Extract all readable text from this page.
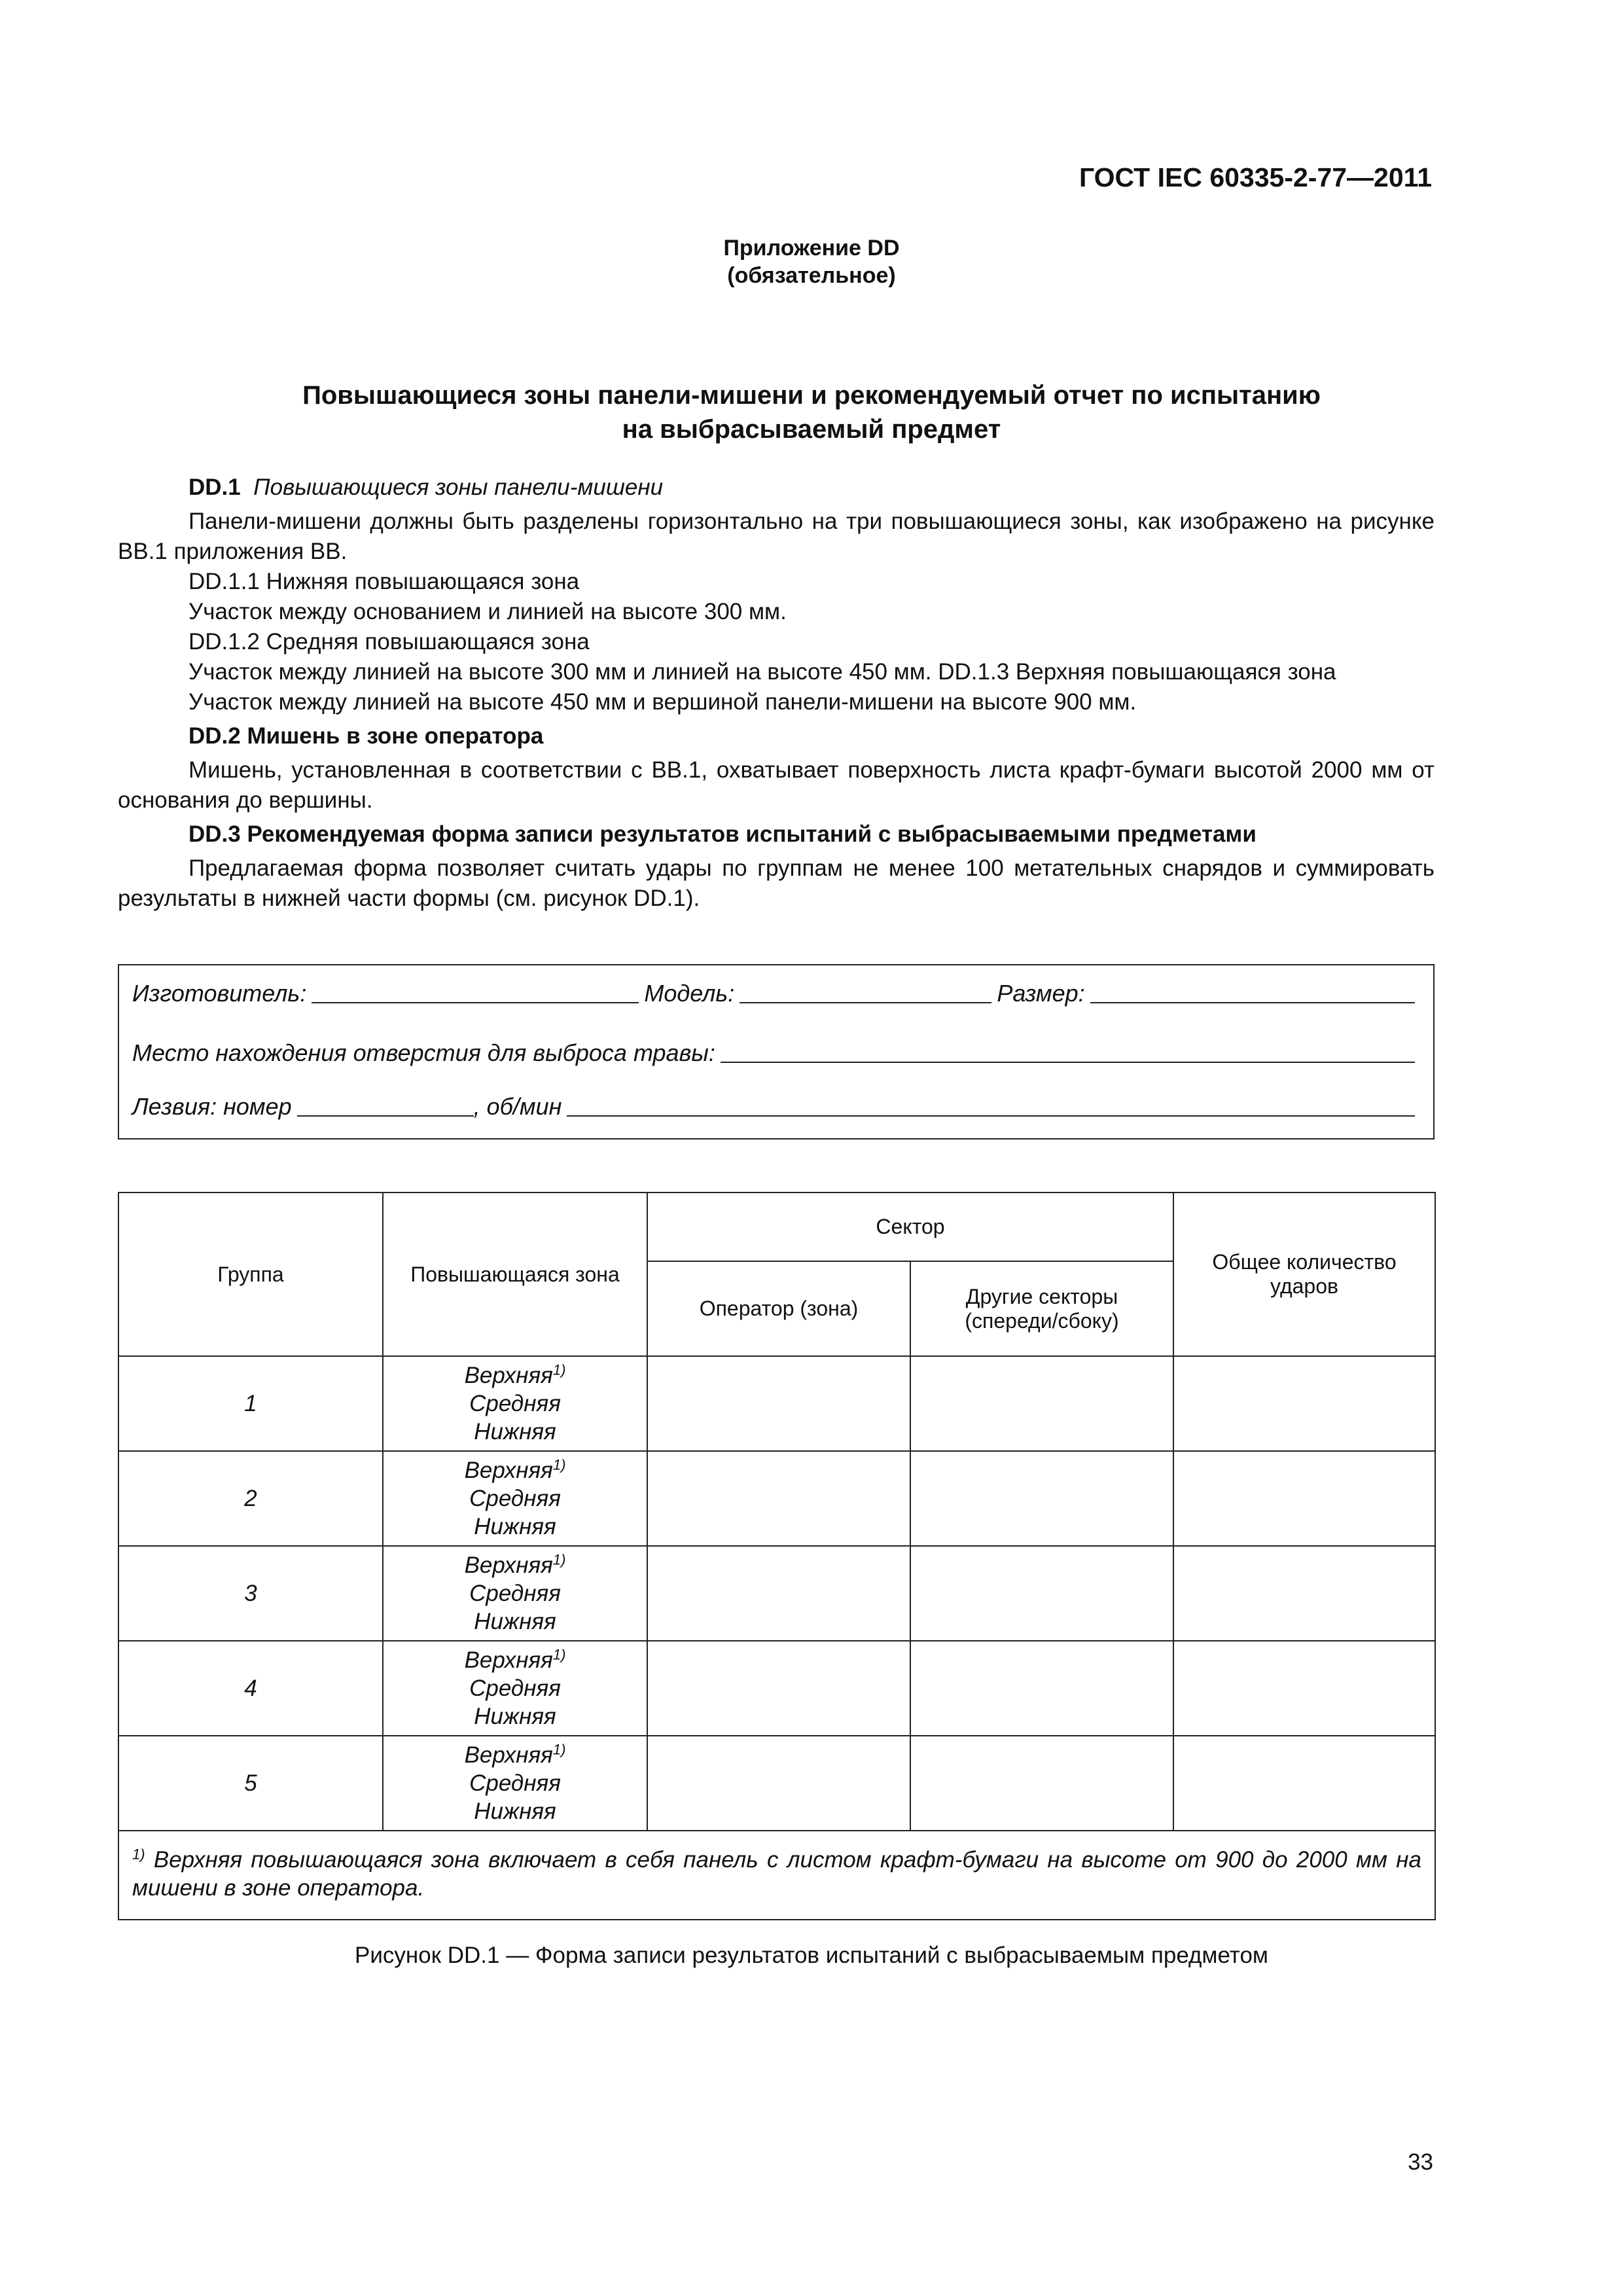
ГОСТ IEC 60335-2-77—2011
Приложение DD
(обязательное)
Повышающиеся зоны панели-мишени и рекомендуемый отчет по испытанию
на выбрасываемый предмет

DD.1 Повышающиеся зоны панели-мишени

Панели-мишени должны быть разделены горизонтально на три повышающиеся зоны, как изображено на рисунке BB.1 приложения BB.

DD.1.1 Нижняя повышающаяся зона

Участок между основанием и линией на высоте 300 мм.

DD.1.2 Средняя повышающаяся зона

Участок между линией на высоте 300 мм и линией на высоте 450 мм. DD.1.3 Верхняя повышающаяся зона

Участок между линией на высоте 450 мм и вершиной панели-мишени на высоте 900 мм.

DD.2 Мишень в зоне оператора

Мишень, установленная в соответствии с BB.1, охватывает поверхность листа крафт-бумаги высотой 2000 мм от основания до вершины.

DD.3 Рекомендуемая форма записи результатов испытаний с выбрасываемыми предметами

Предлагаемая форма позволяет считать удары по группам не менее 100 метательных снарядов и суммировать результаты в нижней части формы (см. рисунок DD.1).

Изготовитель:	Модель:	Размер:
Место нахождения отверстия для выброса травы:
Лезвия: номер	, об/мин
Группа	Повышающаяся зона	Сектор		Общее количество ударов
		Оператор (зона)	Другие секторы (спереди/сбоку)	
1	Верхняя$^{1)}$
Средняя
Нижняя			

2	Верхняя$^{1)}$
Средняя
Нижняя			

3	Верхняя$^{1)}$
Средняя
Нижняя			

4	Верхняя$^{1)}$
Средняя
Нижняя			

5	Верхняя$^{1)}$
Средняя
Нижняя			

$^{1)}$ Верхняя повышающаяся зона включает в себя панель с листом крафт-бумаги на высоте от 900 до 2000 мм на мишени в зоне оператора.				
Рисунок DD.1 — Форма записи результатов испытаний с выбрасываемым предметом
33
